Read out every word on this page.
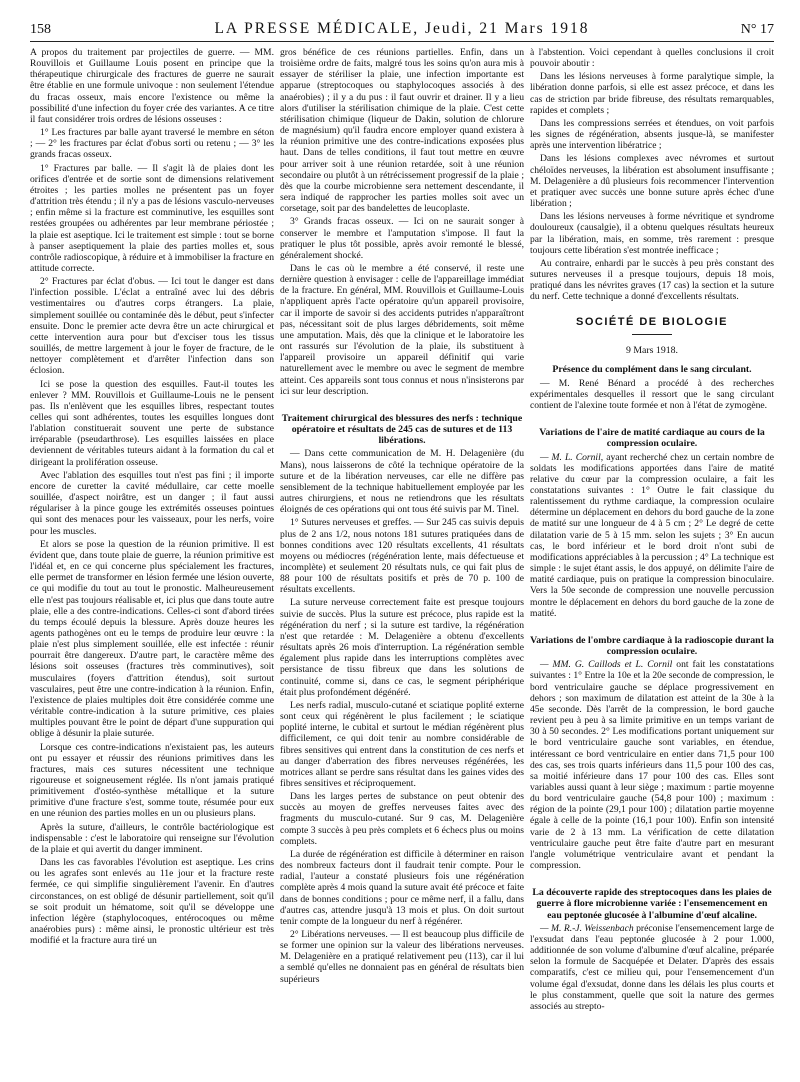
158	LA PRESSE MÉDICALE, Jeudi, 21 Mars 1918	N° 17

A propos du traitement par projectiles de guerre. — MM. Rouvillois et Guillaume Louis posent en principe que la thérapeutique chirurgicale des fractures de guerre ne saurait être établie en une formule univoque : non seulement l'étendue du fracas osseux, mais encore l'existence ou même la possibilité d'une infection du foyer crée des variantes. A ce titre il faut considérer trois ordres de lésions osseuses :

1° Les fractures par balle ayant traversé le membre en séton ; — 2° les fractures par éclat d'obus sorti ou retenu ; — 3° les grands fracas osseux.

1° Fractures par balle. — Il s'agit là de plaies dont les orifices d'entrée et de sortie sont de dimensions relativement étroites ; les parties molles ne présentent pas un foyer d'attrition très étendu ; il n'y a pas de lésions vasculo-nerveuses ; enfin même si la fracture est comminutive, les esquilles sont restées groupées ou adhérentes par leur membrane périostée ; la plaie est aseptique. Ici le traitement est simple : tout se borne à panser aseptiquement la plaie des parties molles et, sous contrôle radioscopique, à réduire et à immobiliser la fracture en attitude correcte.

2° Fractures par éclat d'obus. — Ici tout le danger est dans l'infection possible. L'éclat a entraîné avec lui des débris vestimentaires ou d'autres corps étrangers. La plaie, simplement souillée ou contaminée dès le début, peut s'infecter ensuite. Donc le premier acte devra être un acte chirurgical et cette intervention aura pour but d'exciser tous les tissus souillés, de mettre largement à jour le foyer de fracture, de le nettoyer complètement et d'arrêter l'infection dans son éclosion.

Ici se pose la question des esquilles. Faut-il toutes les enlever ? MM. Rouvillois et Guillaume-Louis ne le pensent pas. Ils n'enlèvent que les esquilles libres, respectant toutes celles qui sont adhérentes, toutes les esquilles longues dont l'ablation constituerait souvent une perte de substance irréparable (pseudarthrose). Les esquilles laissées en place deviennent de véritables tuteurs aidant à la formation du cal et dirigeant la prolifération osseuse.

Avec l'ablation des esquilles tout n'est pas fini ; il importe encore de curetter la cavité médullaire, car cette moelle souillée, d'aspect noirâtre, est un danger ; il faut aussi régulariser à la pince gouge les extrémités osseuses pointues qui sont des menaces pour les vaisseaux, pour les nerfs, voire pour les muscles.

Et alors se pose la question de la réunion primitive. Il est évident que, dans toute plaie de guerre, la réunion primitive est l'idéal et, en ce qui concerne plus spécialement les fractures, elle permet de transformer en lésion fermée une lésion ouverte, ce qui modifie du tout au tout le pronostic. Malheureusement elle n'est pas toujours réalisable et, ici plus que dans toute autre plaie, elle a des contre-indications. Celles-ci sont d'abord tirées du temps écoulé depuis la blessure. Après douze heures les agents pathogènes ont eu le temps de produire leur œuvre : la plaie n'est plus simplement souillée, elle est infectée : réunir pourrait être dangereux. D'autre part, le caractère même des lésions soit osseuses (fractures très comminutives), soit musculaires (foyers d'attrition étendus), soit surtout vasculaires, peut être une contre-indication à la réunion. Enfin, l'existence de plaies multiples doit être considérée comme une véritable contre-indication à la suture primitive, ces plaies multiples pouvant être le point de départ d'une suppuration qui oblige à désunir la plaie suturée.

Lorsque ces contre-indications n'existaient pas, les auteurs ont pu essayer et réussir des réunions primitives dans les fractures, mais ces sutures nécessitent une technique rigoureuse et soigneusement réglée. Ils n'ont jamais pratiqué primitivement d'ostéo-synthèse métallique et la suture primitive d'une fracture s'est, somme toute, résumée pour eux en une réunion des parties molles en un ou plusieurs plans.

Après la suture, d'ailleurs, le contrôle bactériologique est indispensable : c'est le laboratoire qui renseigne sur l'évolution de la plaie et qui avertit du danger imminent.

Dans les cas favorables l'évolution est aseptique. Les crins ou les agrafes sont enlevés au 11e jour et la fracture reste fermée, ce qui simplifie singulièrement l'avenir. En d'autres circonstances, on est obligé de désunir partiellement, soit qu'il se soit produit un hématome, soit qu'il se développe une infection légère (staphylocoques, entérocoques ou même anaérobies purs) : même ainsi, le pronostic ultérieur est très modifié et la fracture aura tiré un

gros bénéfice de ces réunions partielles. Enfin, dans un troisième ordre de faits, malgré tous les soins qu'on aura mis à essayer de stériliser la plaie, une infection importante est apparue (streptocoques ou staphylocoques associés à des anaérobies) ; il y a du pus : il faut ouvrir et drainer. Il y a lieu alors d'utiliser la stérilisation chimique de la plaie. C'est cette stérilisation chimique (liqueur de Dakin, solution de chlorure de magnésium) qu'il faudra encore employer quand existera à la réunion primitive une des contre-indications exposées plus haut. Dans de telles conditions, il faut tout mettre en œuvre pour arriver soit à une réunion retardée, soit à une réunion secondaire ou plutôt à un rétrécissement progressif de la plaie ; dès que la courbe microbienne sera nettement descendante, il sera indiqué de rapprocher les parties molles soit avec un corsetage, soit par des bandelettes de leucoplaste.

3° Grands fracas osseux. — Ici on ne saurait songer à conserver le membre et l'amputation s'impose. Il faut la pratiquer le plus tôt possible, après avoir remonté le blessé, généralement shocké.

Dans le cas où le membre a été conservé, il reste une dernière question à envisager : celle de l'appareillage immédiat de la fracture. En général, MM. Rouvillois et Guillaume-Louis n'appliquent après l'acte opératoire qu'un appareil provisoire, car il importe de savoir si des accidents putrides n'apparaîtront pas, nécessitant soit de plus larges débridements, soit même une amputation. Mais, dès que la clinique et le laboratoire les ont rassurés sur l'évolution de la plaie, ils substituent à l'appareil provisoire un appareil définitif qui varie naturellement avec le membre ou avec le segment de membre atteint. Ces appareils sont tous connus et nous n'insisterons par ici sur leur description.

Traitement chirurgical des blessures des nerfs : technique opératoire et résultats de 245 cas de sutures et de 113 libérations.

— Dans cette communication de M. H. Delagenière (du Mans), nous laisserons de côté la technique opératoire de la suture et de la libération nerveuses, car elle ne diffère pas sensiblement de la technique habituellement employée par les autres chirurgiens, et nous ne retiendrons que les résultats éloignés de ces opérations qui ont tous été suivis par M. Tinel.

1° Sutures nerveuses et greffes. — Sur 245 cas suivis depuis plus de 2 ans 1/2, nous notons 181 sutures pratiquées dans de bonnes conditions avec 120 résultats excellents, 41 résultats moyens ou médiocres (régénération lente, mais défectueuse et incomplète) et seulement 20 résultats nuls, ce qui fait plus de 88 pour 100 de résultats positifs et près de 70 p. 100 de résultats excellents.

La suture nerveuse correctement faite est presque toujours suivie de succès. Plus la suture est précoce, plus rapide est la régénération du nerf ; si la suture est tardive, la régénération n'est que retardée : M. Delagenière a obtenu d'excellents résultats après 26 mois d'interruption. La régénération semble également plus rapide dans les interruptions complètes avec persistance de tissu fibreux que dans les solutions de continuité, comme si, dans ce cas, le segment périphérique était plus profondément dégénéré.

Les nerfs radial, musculo-cutané et sciatique poplité externe sont ceux qui régénèrent le plus facilement ; le sciatique poplité interne, le cubital et surtout le médian régénèrent plus difficilement, ce qui doit tenir au nombre considérable de fibres sensitives qui entrent dans la constitution de ces nerfs et au danger d'aberration des fibres nerveuses régénérées, les motrices allant se perdre sans résultat dans les gaines vides des fibres sensitives et réciproquement.

Dans les larges pertes de substance on peut obtenir des succès au moyen de greffes nerveuses faites avec des fragments du musculo-cutané. Sur 9 cas, M. Delagenière compte 3 succès à peu près complets et 6 échecs plus ou moins complets.

La durée de régénération est difficile à déterminer en raison des nombreux facteurs dont il faudrait tenir compte. Pour le radial, l'auteur a constaté plusieurs fois une régénération complète après 4 mois quand la suture avait été précoce et faite dans de bonnes conditions ; pour ce même nerf, il a fallu, dans d'autres cas, attendre jusqu'à 13 mois et plus. On doit surtout tenir compte de la longueur du nerf à régénérer.

2° Libérations nerveuses. — Il est beaucoup plus difficile de se former une opinion sur la valeur des libérations nerveuses. M. Delagenière en a pratiqué relativement peu (113), car il lui a semblé qu'elles ne donnaient pas en général de résultats bien supérieurs

à l'abstention. Voici cependant à quelles conclusions il croit pouvoir aboutir :

Dans les lésions nerveuses à forme paralytique simple, la libération donne parfois, si elle est assez précoce, et dans les cas de striction par bride fibreuse, des résultats remarquables, rapides et complets ;

Dans les compressions serrées et étendues, on voit parfois les signes de régénération, absents jusque-là, se manifester après une intervention libératrice ;

Dans les lésions complexes avec névromes et surtout chéloïdes nerveuses, la libération est absolument insuffisante ; M. Delagenière a dû plusieurs fois recommencer l'intervention et pratiquer avec succès une bonne suture après échec d'une libération ;

Dans les lésions nerveuses à forme névritique et syndrome douloureux (causalgie), il a obtenu quelques résultats heureux par la libération, mais, en somme, très rarement : presque toujours cette libération s'est montrée inefficace ;

Au contraire, enhardi par le succès à peu près constant des sutures nerveuses il a presque toujours, depuis 18 mois, pratiqué dans les névrites graves (17 cas) la section et la suture du nerf. Cette technique a donné d'excellents résultats.

SOCIÉTÉ DE BIOLOGIE
9 Mars 1918.
Présence du complément dans le sang circulant.

— M. René Bénard a procédé à des recherches expérimentales desquelles il ressort que le sang circulant contient de l'alexine toute formée et non à l'état de zymogène.

Variations de l'aire de matité cardiaque au cours de la compression oculaire.

— M. L. Cornil, ayant recherché chez un certain nombre de soldats les modifications apportées dans l'aire de matité relative du cœur par la compression oculaire, a fait les constatations suivantes : 1° Outre le fait classique du ralentissement du rythme cardiaque, la compression oculaire détermine un déplacement en dehors du bord gauche de la zone de matité sur une longueur de 4 à 5 cm ; 2° Le degré de cette dilatation varie de 5 à 15 mm. selon les sujets ; 3° En aucun cas, le bord inférieur et le bord droit n'ont subi de modifications appréciables à la percussion ; 4° La technique est simple : le sujet étant assis, le dos appuyé, on délimite l'aire de matité cardiaque, puis on pratique la compression binoculaire. Vers la 50e seconde de compression une nouvelle percussion montre le déplacement en dehors du bord gauche de la zone de matité.

Variations de l'ombre cardiaque à la radioscopie durant la compression oculaire.

— MM. G. Caillods et L. Cornil ont fait les constatations suivantes : 1° Entre la 10e et la 20e seconde de compression, le bord ventriculaire gauche se déplace progressivement en dehors ; son maximum de dilatation est atteint de la 30e à la 45e seconde. Dès l'arrêt de la compression, le bord gauche revient peu à peu à sa limite primitive en un temps variant de 30 à 50 secondes. 2° Les modifications portant uniquement sur le bord ventriculaire gauche sont variables, en étendue, intéressant ce bord ventriculaire en entier dans 71,5 pour 100 des cas, ses trois quarts inférieurs dans 11,5 pour 100 des cas, sa moitié inférieure dans 17 pour 100 des cas. Elles sont variables aussi quant à leur siège ; maximum : partie moyenne du bord ventriculaire gauche (54,8 pour 100) ; maximum : région de la pointe (29,1 pour 100) ; dilatation partie moyenne égale à celle de la pointe (16,1 pour 100). Enfin son intensité varie de 2 à 13 mm. La vérification de cette dilatation ventriculaire gauche peut être faite d'autre part en mesurant l'angle volumétrique ventriculaire avant et pendant la compression.

La découverte rapide des streptocoques dans les plaies de guerre à flore microbienne variée : l'ensemencement en eau peptonée glucosée à l'albumine d'œuf alcaline.

— M. R.-J. Weissenbach préconise l'ensemencement large de l'exsudat dans l'eau peptonée glucosée à 2 pour 1.000, additionnée de son volume d'albumine d'œuf alcaline, préparée selon la formule de Sacquépée et Delater. D'après des essais comparatifs, c'est ce milieu qui, pour l'ensemencement d'un volume égal d'exsudat, donne dans les délais les plus courts et le plus constamment, quelle que soit la nature des germes associés au strepto-
